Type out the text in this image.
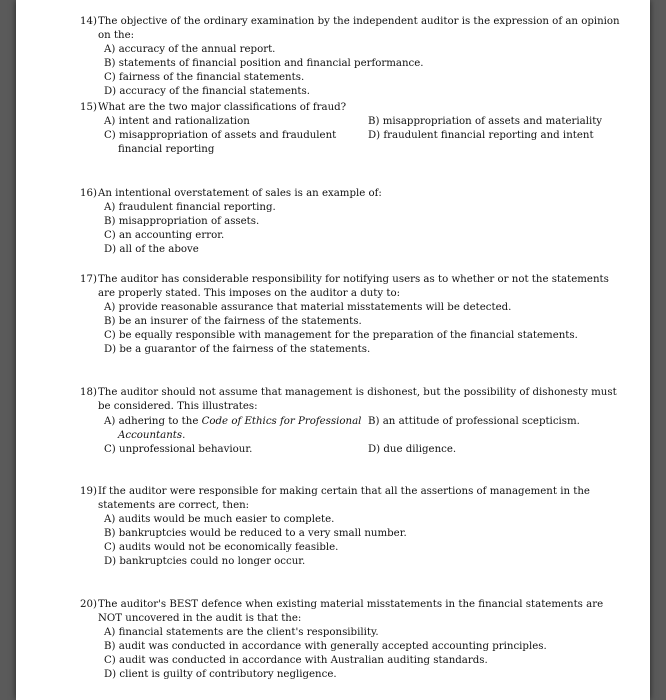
14) The objective of the ordinary examination by the independent auditor is the expression of an opinion on the:
A) accuracy of the annual report.
B) statements of financial position and financial performance.
C) fairness of the financial statements.
D) accuracy of the financial statements.
15) What are the two major classifications of fraud?
A) intent and rationalization	B) misappropriation of assets and materiality
C) misappropriation of assets and fraudulent
financial reporting
D) fraudulent financial reporting and intent
16) An intentional overstatement of sales is an example of:
A) fraudulent financial reporting.
B) misappropriation of assets.
C) an accounting error.
D) all of the above
17) The auditor has considerable responsibility for notifying users as to whether or not the statements are properly stated. This imposes on the auditor a duty to:
A) provide reasonable assurance that material misstatements will be detected.
B) be an insurer of the fairness of the statements.
C) be equally responsible with management for the preparation of the financial statements.
D) be a guarantor of the fairness of the statements.
18) The auditor should not assume that management is dishonest, but the possibility of dishonesty must be considered. This illustrates:
A) adhering to the Code of Ethics for Professional
Accountants.
B) an attitude of professional scepticism.
C) unprofessional behaviour.	D) due diligence.
19) If the auditor were responsible for making certain that all the assertions of management in the statements are correct, then:
A) audits would be much easier to complete.
B) bankruptcies would be reduced to a very small number.
C) audits would not be economically feasible.
D) bankruptcies could no longer occur.
20) The auditor's BEST defence when existing material misstatements in the financial statements are NOT uncovered in the audit is that the:
A) financial statements are the client's responsibility.
B) audit was conducted in accordance with generally accepted accounting principles.
C) audit was conducted in accordance with Australian auditing standards.
D) client is guilty of contributory negligence.
